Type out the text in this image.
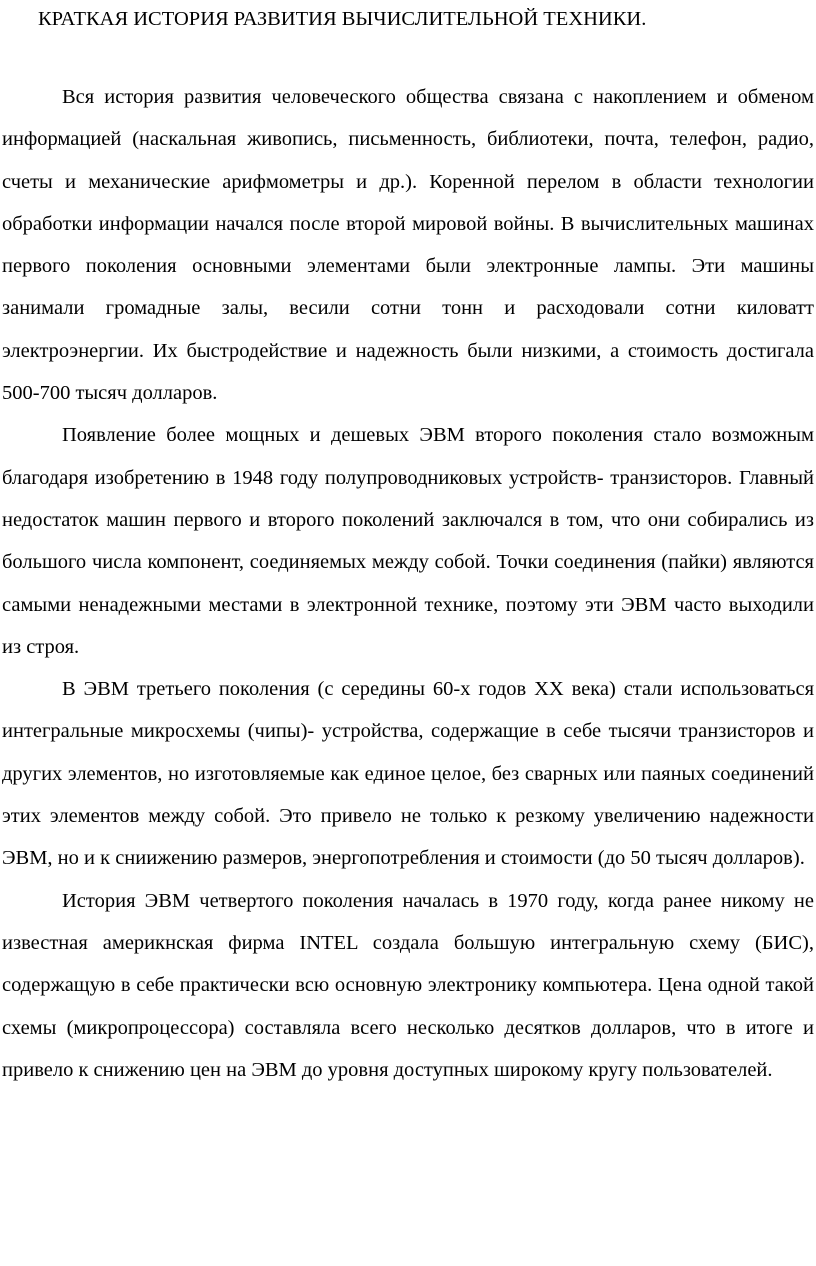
КРАТКАЯ ИСТОРИЯ РАЗВИТИЯ ВЫЧИСЛИТЕЛЬНОЙ ТЕХНИКИ.

Вся история развития человеческого общества связана с накоплением и обменом информацией (наскальная живопись, письменность, библиотеки, почта, телефон, радио, счеты и механические арифмометры и др.). Коренной перелом в области технологии обработки информации начался после второй мировой войны. В вычислительных машинах первого поколения основными элементами были электронные лампы. Эти машины занимали громадные залы, весили сотни тонн и расходовали сотни киловатт электроэнергии. Их быстродействие и надежность были низкими, а стоимость достигала 500-700 тысяч долларов.

Появление более мощных и дешевых ЭВМ второго поколения стало возможным благодаря изобретению в 1948 году полупроводниковых устройств- транзисторов. Главный недостаток машин первого и второго поколений заключался в том, что они собирались из большого числа компонент, соединяемых между собой. Точки соединения (пайки) являются самыми ненадежными местами в электронной технике, поэтому эти ЭВМ часто выходили из строя.

В ЭВМ третьего поколения (с середины 60-х годов XX века) стали использоваться интегральные микросхемы (чипы)- устройства, содержащие в себе тысячи транзисторов и других элементов, но изготовляемые как единое целое, без сварных или паяных соединений этих элементов между собой. Это привело не только к резкому увеличению надежности ЭВМ, но и к сниижению размеров, энергопотребления и стоимости (до 50 тысяч долларов).

История ЭВМ четвертого поколения началась в 1970 году, когда ранее никому не известная америкнская фирма INTEL создала большую интегральную схему (БИС), содержащую в себе практически всю основную электронику компьютера. Цена одной такой схемы (микропроцессора) составляла всего несколько десятков долларов, что в итоге и привело к снижению цен на ЭВМ до уровня доступных широкому кругу пользователей.
